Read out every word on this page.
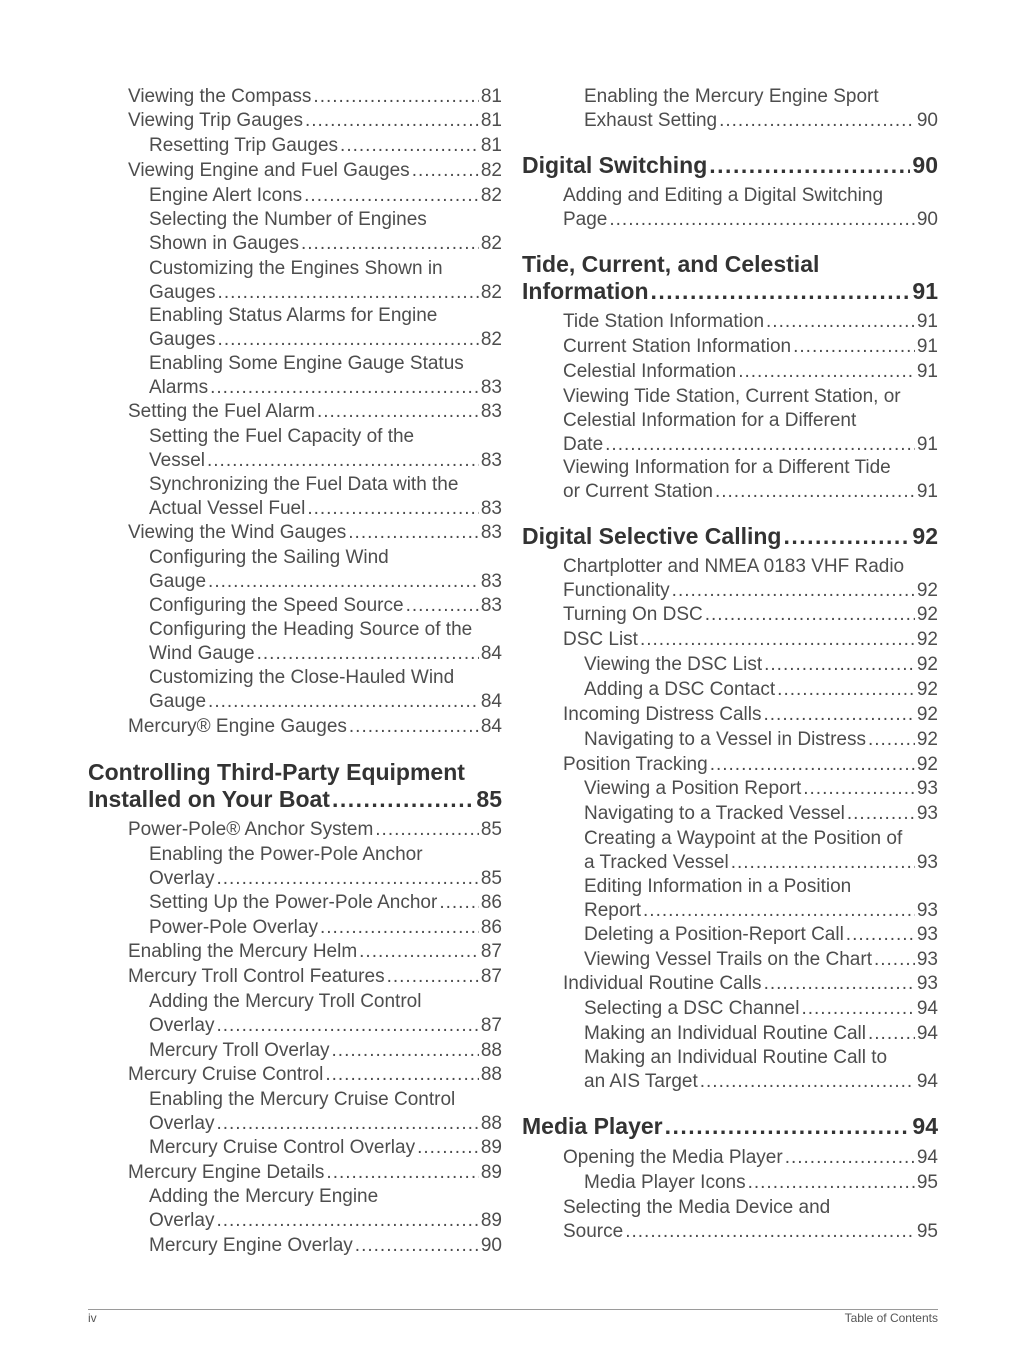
Viewing the Compass .....	81
Viewing Trip Gauges .....	81
Resetting Trip Gauges .....	81
Viewing Engine and Fuel Gauges .....	82
Engine Alert Icons .....	82
Selecting the Number of Engines
Shown in Gauges .....	82
Customizing the Engines Shown in
Gauges .....	82
Enabling Status Alarms for Engine
Gauges .....	82
Enabling Some Engine Gauge Status
Alarms .....	83
Setting the Fuel Alarm .....	83
Setting the Fuel Capacity of the
Vessel .....	83
Synchronizing the Fuel Data with the
Actual Vessel Fuel .....	83
Viewing the Wind Gauges .....	83
Configuring the Sailing Wind
Gauge .....	83
Configuring the Speed Source .....	83
Configuring the Heading Source of the
Wind Gauge .....	84
Customizing the Close-Hauled Wind
Gauge .....	84
Mercury® Engine Gauges .....	84
Controlling Third-Party Equipment
Installed on Your Boat .....	85
Power-Pole® Anchor System .....	85
Enabling the Power-Pole Anchor
Overlay .....	85
Setting Up the Power-Pole Anchor ..... 86
Power-Pole Overlay .....	86
Enabling the Mercury Helm .....	87
Mercury Troll Control Features .....	87
Adding the Mercury Troll Control
Overlay .....	87
Mercury Troll Overlay .....	88
Mercury Cruise Control .....	88
Enabling the Mercury Cruise Control
Overlay .....	88
Mercury Cruise Control Overlay .....	89
Mercury Engine Details .....	89
Adding the Mercury Engine
Overlay .....	89
Mercury Engine Overlay .....	90
Enabling the Mercury Engine Sport
Exhaust Setting .....	90
Digital Switching .....	90
Adding and Editing a Digital Switching
Page .....	90
Tide, Current, and Celestial
Information .....	91
Tide Station Information .....	91
Current Station Information .....	91
Celestial Information .....	91
Viewing Tide Station, Current Station, or
Celestial Information for a Different
Date .....	91
Viewing Information for a Different Tide
or Current Station .....	91
Digital Selective Calling .....	92
Chartplotter and NMEA 0183 VHF Radio
Functionality .....	92
Turning On DSC .....	92
DSC List .....	92
Viewing the DSC List .....	92
Adding a DSC Contact .....	92
Incoming Distress Calls .....	92
Navigating to a Vessel in Distress .....	92
Position Tracking .....	92
Viewing a Position Report .....	93
Navigating to a Tracked Vessel .....	93
Creating a Waypoint at the Position of
a Tracked Vessel .....	93
Editing Information in a Position
Report .....	93
Deleting a Position-Report Call .....	93
Viewing Vessel Trails on the Chart ..... 93
Individual Routine Calls .....	93
Selecting a DSC Channel .....	94
Making an Individual Routine Call .....	94
Making an Individual Routine Call to
an AIS Target .....	94
Media Player .....	94
Opening the Media Player .....	94
Media Player Icons .....	95
Selecting the Media Device and
Source .....	95
iv	Table of Contents
